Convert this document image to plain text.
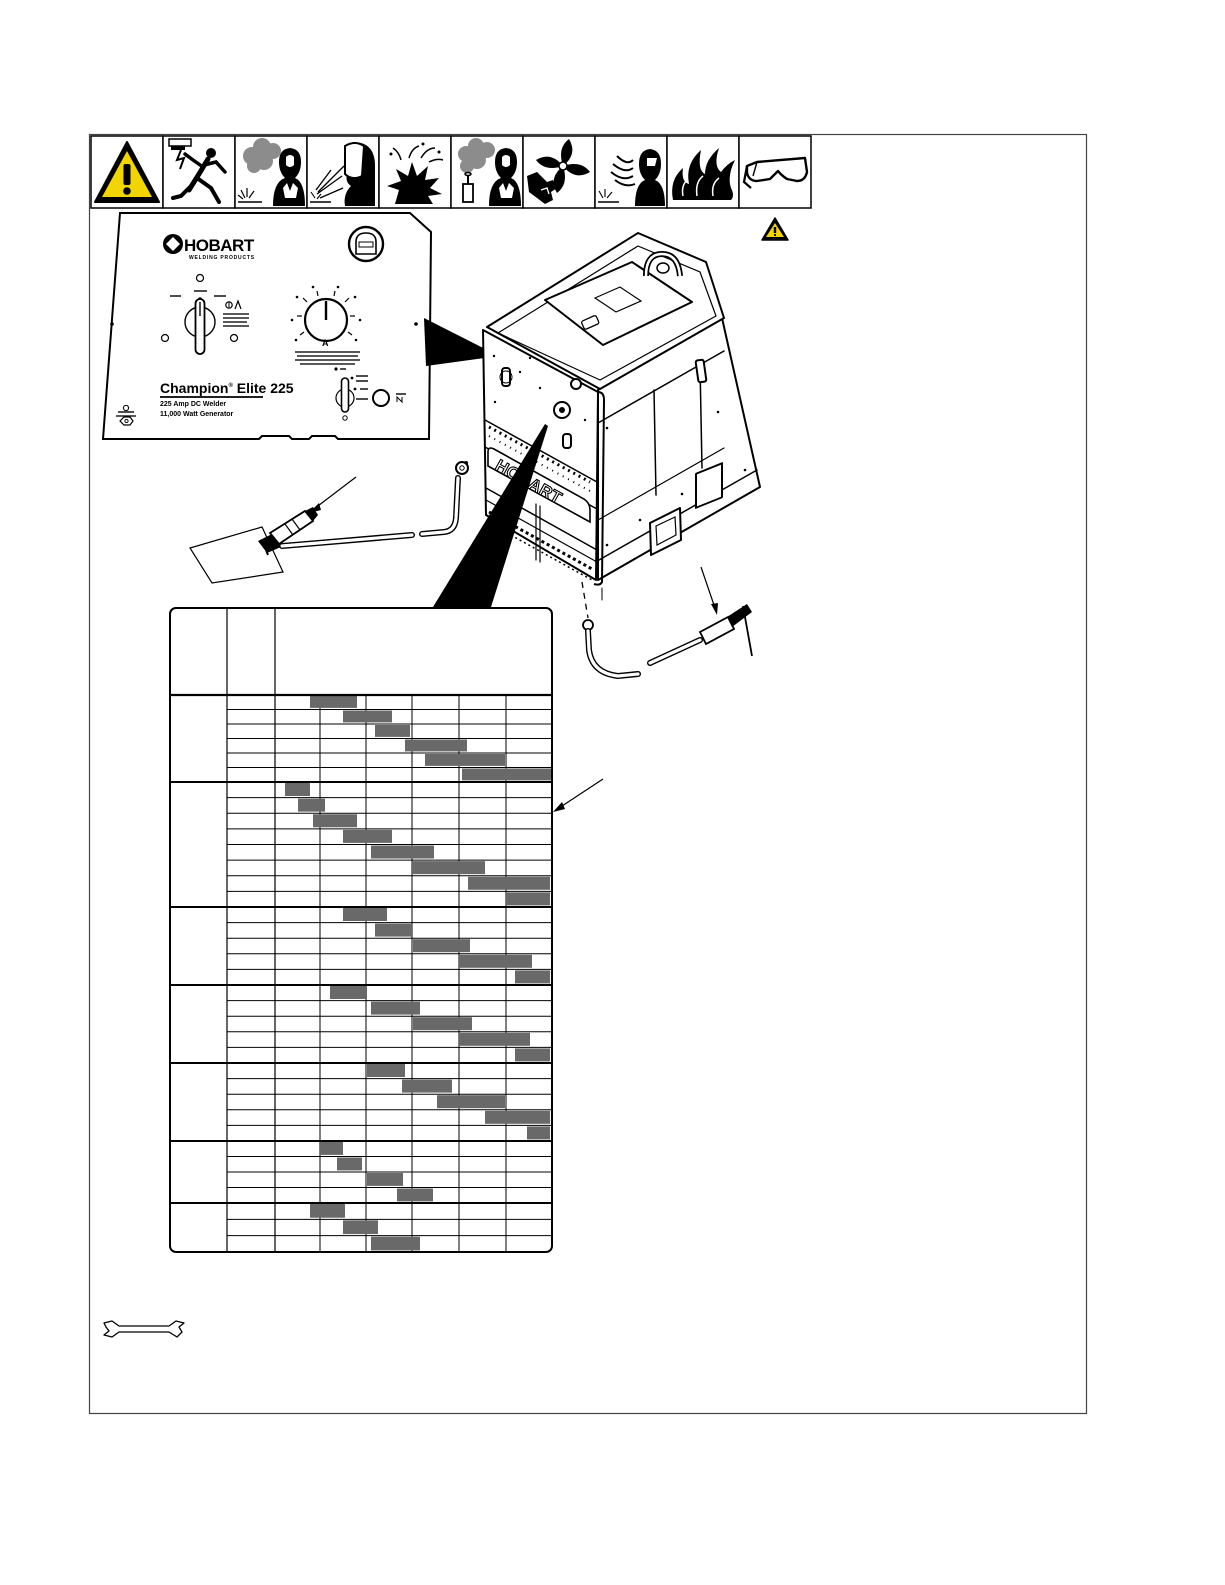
HOBART
WELDING PRODUCTS
A
Champion® Elite 225
225 Amp DC Welder
11,000 Watt Generator
